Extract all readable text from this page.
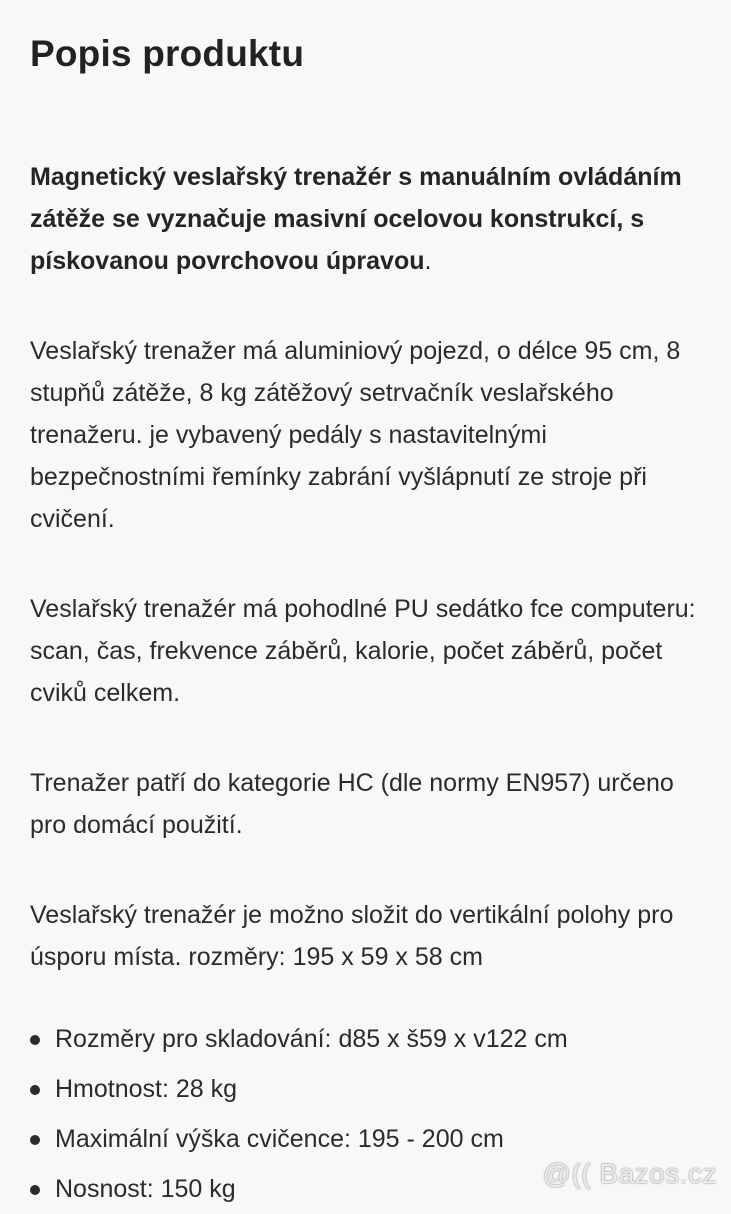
Popis produktu

Magnetický veslařský trenažér s manuálním ovládáním zátěže se vyznačuje masivní ocelovou konstrukcí, s pískovanou povrchovou úpravou.

Veslařský trenažer má aluminiový pojezd, o délce 95 cm, 8 stupňů zátěže, 8 kg zátěžový setrvačník veslařského trenažeru. je vybavený pedály s nastavitelnými bezpečnostními řemínky zabrání vyšlápnutí ze stroje při cvičení.

Veslařský trenažér má pohodlné PU sedátko fce computeru: scan, čas, frekvence záběrů, kalorie, počet záběrů, počet cviků celkem.

Trenažer patří do kategorie HC (dle normy EN957) určeno pro domácí použití.

Veslařský trenažér je možno složit do vertikální polohy pro úsporu místa. rozměry: 195 x 59 x 58 cm

Rozměry pro skladování: d85 x š59 x v122 cm
Hmotnost: 28 kg
Maximální výška cvičence: 195 - 200 cm
Nosnost: 150 kg	@(( Bazos.cz
